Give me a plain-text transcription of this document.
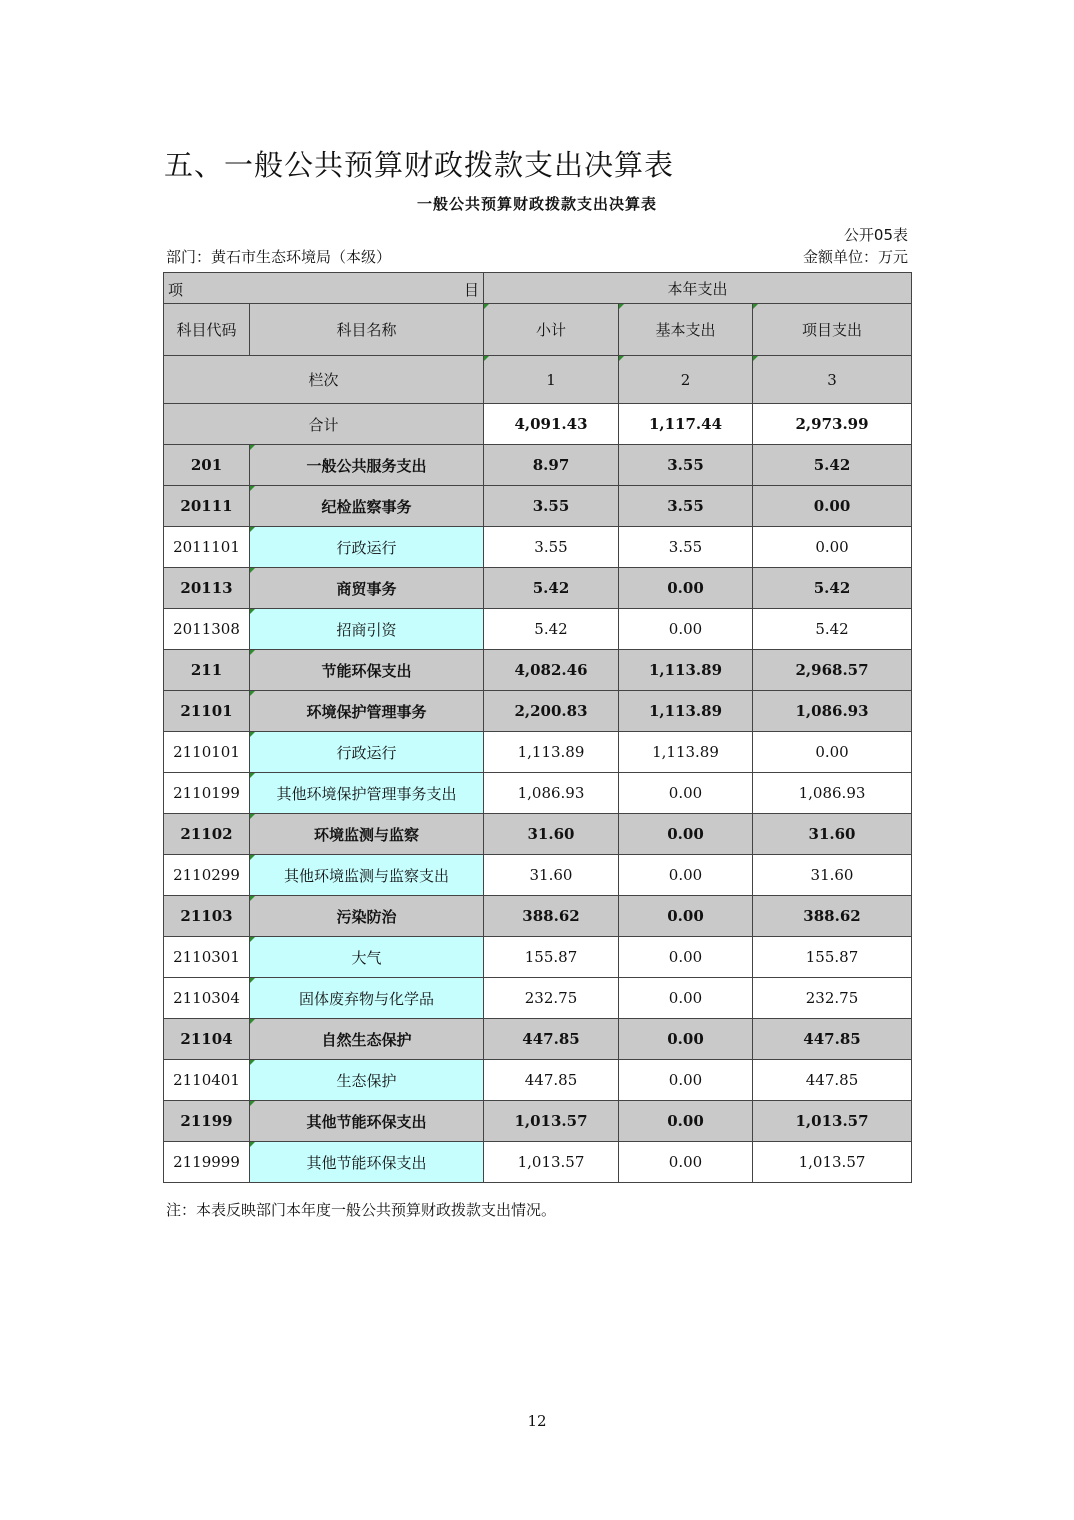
五、一般公共预算财政拨款支出决算表
一般公共预算财政拨款支出决算表
公开05表
部门：黄石市生态环境局（本级）	金额单位：万元
项 目		本年支出		
科目代码	科目名称	小计	基本支出	项目支出
栏次		1	2	3
合计		4,091.43	1,117.44	2,973.99
201	一般公共服务支出	8.97	3.55	5.42
20111	纪检监察事务	3.55	3.55	0.00
2011101	行政运行	3.55	3.55	0.00
20113	商贸事务	5.42	0.00	5.42
2011308	招商引资	5.42	0.00	5.42
211	节能环保支出	4,082.46	1,113.89	2,968.57
21101	环境保护管理事务	2,200.83	1,113.89	1,086.93
2110101	行政运行	1,113.89	1,113.89	0.00
2110199	其他环境保护管理事务支出	1,086.93	0.00	1,086.93
21102	环境监测与监察	31.60	0.00	31.60
2110299	其他环境监测与监察支出	31.60	0.00	31.60
21103	污染防治	388.62	0.00	388.62
2110301	大气	155.87	0.00	155.87
2110304	固体废弃物与化学品	232.75	0.00	232.75
21104	自然生态保护	447.85	0.00	447.85
2110401	生态保护	447.85	0.00	447.85
21199	其他节能环保支出	1,013.57	0.00	1,013.57
2119999	其他节能环保支出	1,013.57	0.00	1,013.57
注：本表反映部门本年度一般公共预算财政拨款支出情况。
12
